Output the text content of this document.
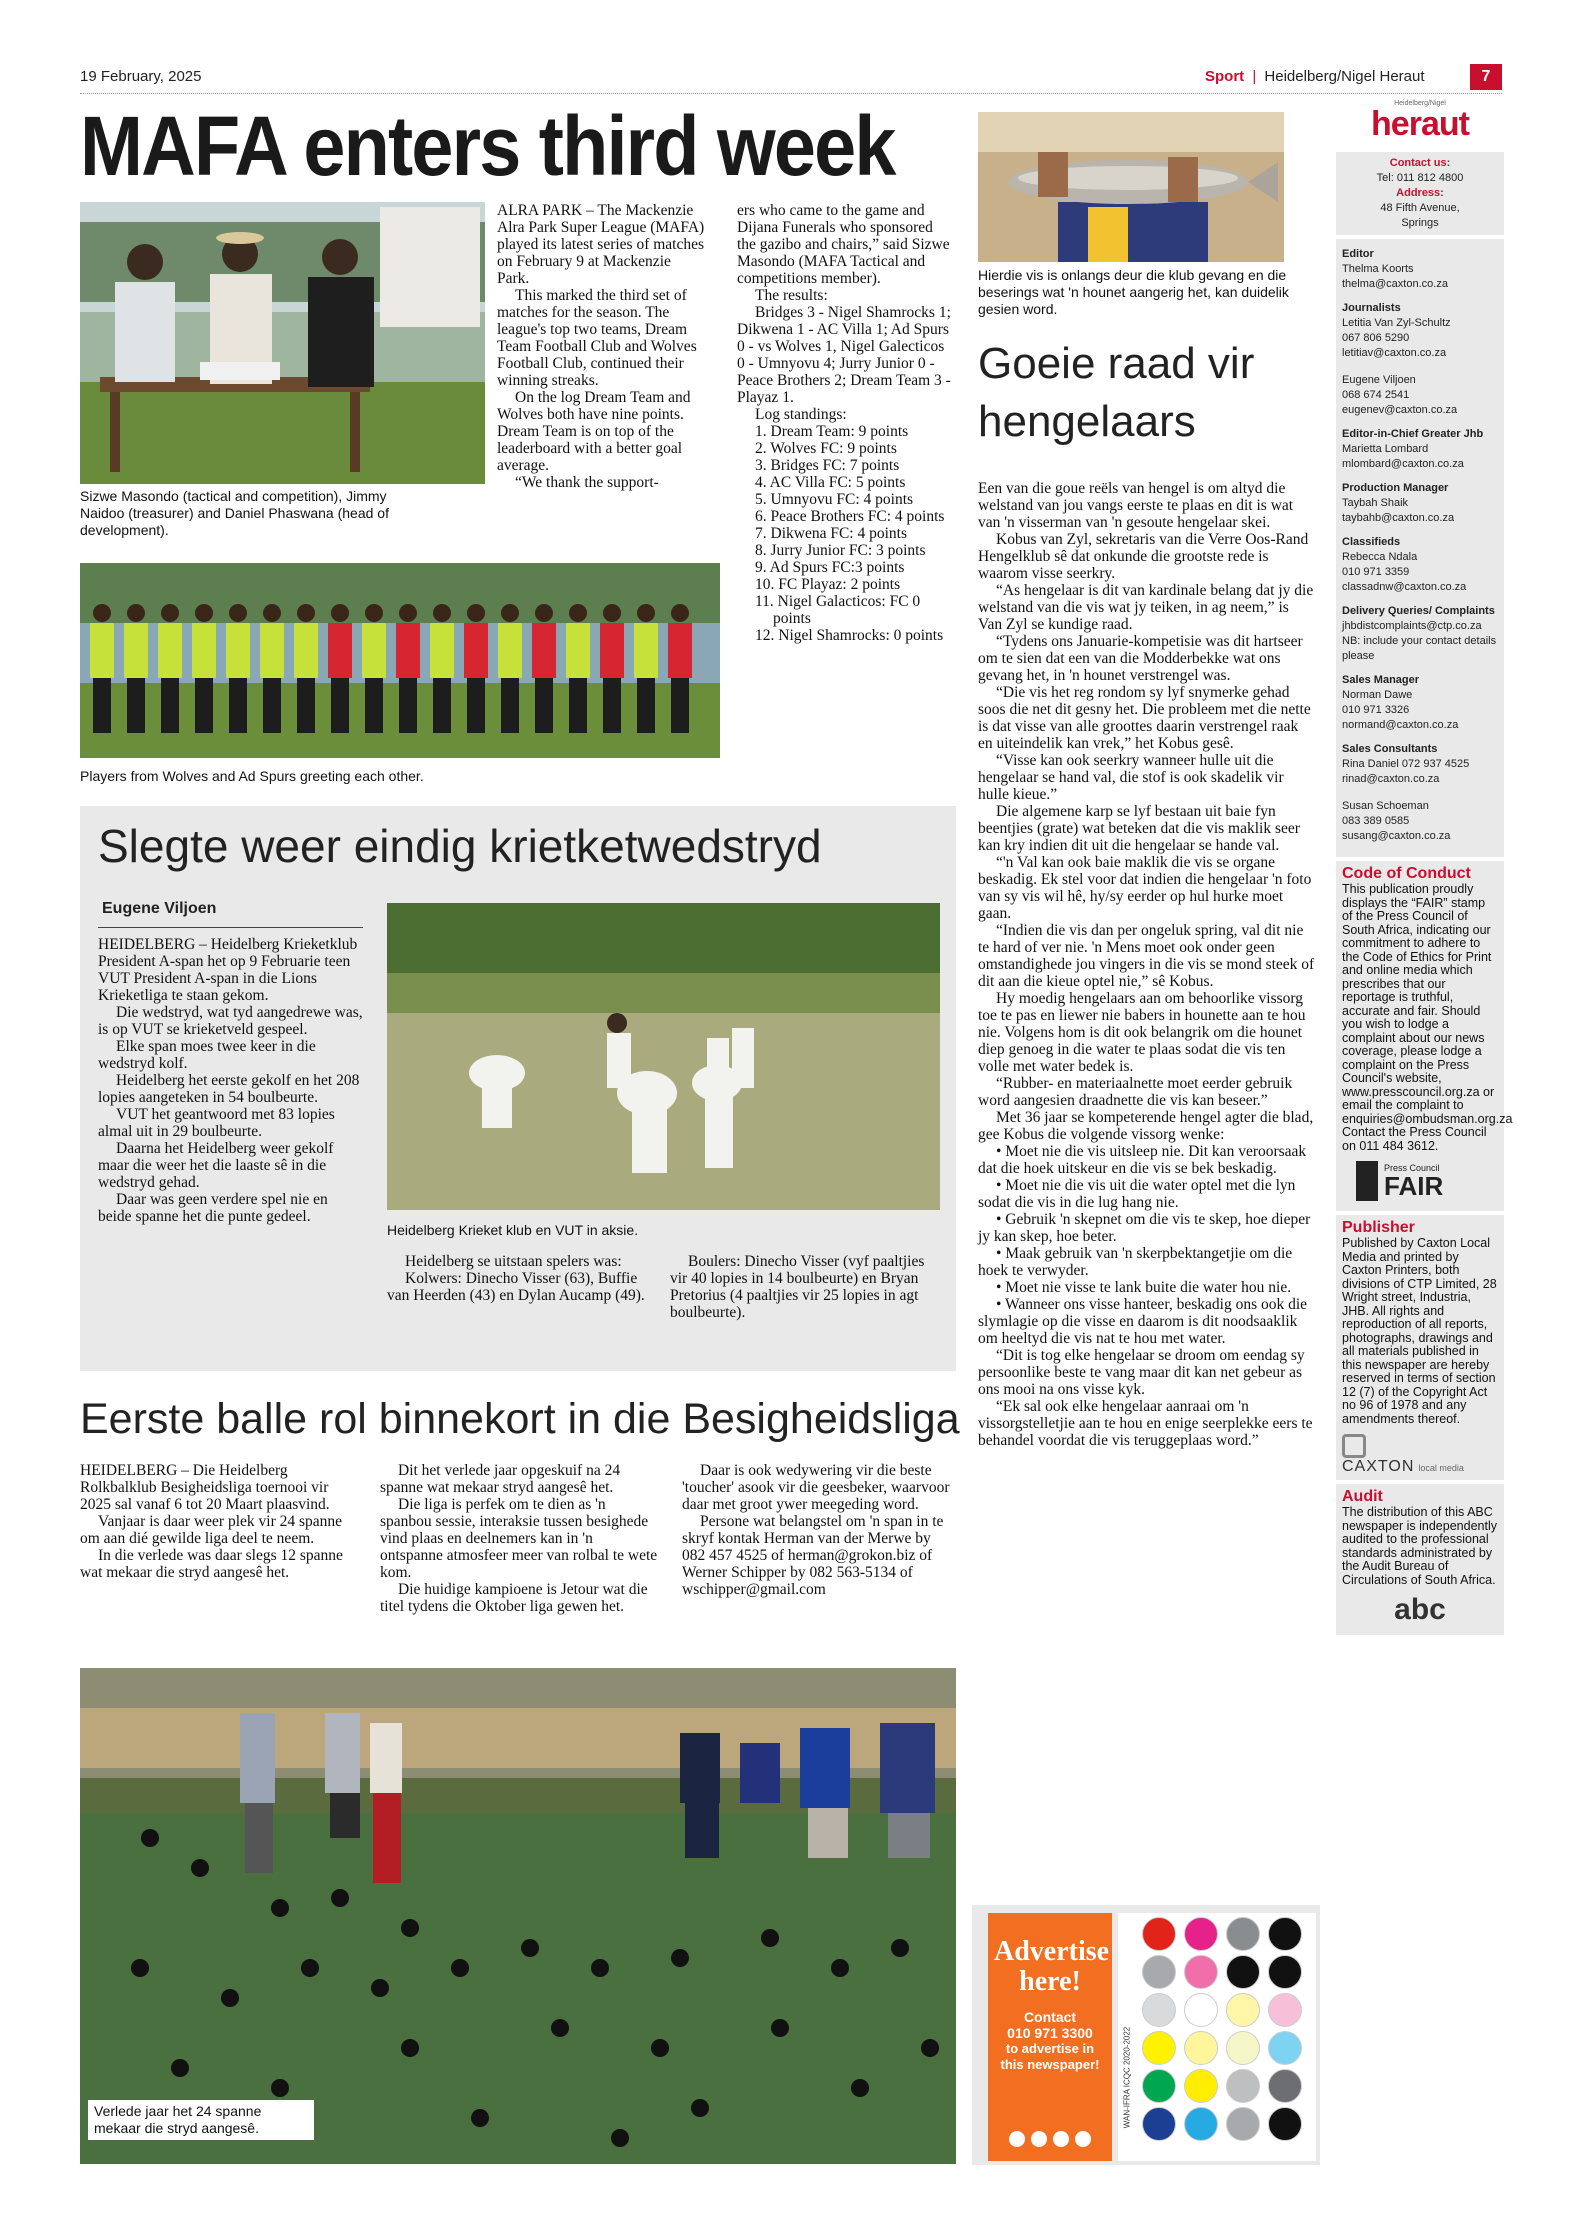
19 February, 2025	Sport | Heidelberg/Nigel Heraut	7
MAFA enters third week
Sizwe Masondo (tactical and competition), Jimmy Naidoo (treasurer) and Daniel Phaswana (head of development).

ALRA PARK – The Mackenzie Alra Park Super League (MAFA) played its latest series of matches on February 9 at Mackenzie Park.

This marked the third set of matches for the season. The league's top two teams, Dream Team Football Club and Wolves Football Club, continued their winning streaks.

On the log Dream Team and Wolves both have nine points. Dream Team is on top of the leaderboard with a better goal average.

“We thank the support-

ers who came to the game and Dijana Funerals who sponsored the gazibo and chairs,” said Sizwe Masondo (MAFA Tactical and competitions member).

The results:

Bridges 3 - Nigel Shamrocks 1; Dikwena 1 - AC Villa 1; Ad Spurs 0 - vs Wolves 1, Nigel Galecticos 0 - Umnyovu 4; Jurry Junior 0 - Peace Brothers 2; Dream Team 3 - Playaz 1.

Log standings:

1. Dream Team: 9 points
2. Wolves FC: 9 points
3. Bridges FC: 7 points
4. AC Villa FC: 5 points
5. Umnyovu FC: 4 points
6. Peace Brothers FC: 4 points
7. Dikwena FC: 4 points
8. Jurry Junior FC: 3 points
9. Ad Spurs FC:3 points
10. FC Playaz: 2 points
11. Nigel Galacticos: FC 0 points
12. Nigel Shamrocks: 0 points
Players from Wolves and Ad Spurs greeting each other.
Hierdie vis is onlangs deur die klub gevang en die beserings wat 'n hounet aangerig het, kan duidelik gesien word.
Goeie raad vir hengelaars

Een van die goue reëls van hengel is om altyd die welstand van jou vangs eerste te plaas en dit is wat van 'n visserman van 'n gesoute hengelaar skei.

Kobus van Zyl, sekretaris van die Verre Oos-Rand Hengelklub sê dat onkunde die grootste rede is waarom visse seerkry.

“As hengelaar is dit van kardinale belang dat jy die welstand van die vis wat jy teiken, in ag neem,” is Van Zyl se kundige raad.

“Tydens ons Januarie-kompetisie was dit hartseer om te sien dat een van die Modderbekke wat ons gevang het, in 'n hounet verstrengel was.

“Die vis het reg rondom sy lyf snymerke gehad soos die net dit gesny het. Die probleem met die nette is dat visse van alle groottes daarin verstrengel raak en uiteindelik kan vrek,” het Kobus gesê.

“Visse kan ook seerkry wanneer hulle uit die hengelaar se hand val, die stof is ook skadelik vir hulle kieue.”

Die algemene karp se lyf bestaan uit baie fyn beentjies (grate) wat beteken dat die vis maklik seer kan kry indien dit uit die hengelaar se hande val.

“'n Val kan ook baie maklik die vis se organe beskadig. Ek stel voor dat indien die hengelaar 'n foto van sy vis wil hê, hy/sy eerder op hul hurke moet gaan.

“Indien die vis dan per ongeluk spring, val dit nie te hard of ver nie. 'n Mens moet ook onder geen omstandighede jou vingers in die vis se mond steek of dit aan die kieue optel nie,” sê Kobus.

Hy moedig hengelaars aan om behoorlike vissorg toe te pas en liewer nie babers in hounette aan te hou nie. Volgens hom is dit ook belangrik om die hounet diep genoeg in die water te plaas sodat die vis ten volle met water bedek is.

“Rubber- en materiaalnette moet eerder gebruik word aangesien draadnette die vis kan beseer.”

Met 36 jaar se kompeterende hengel agter die blad, gee Kobus die volgende vissorg wenke:

• Moet nie die vis uitsleep nie. Dit kan veroorsaak dat die hoek uitskeur en die vis se bek beskadig.

• Moet nie die vis uit die water optel met die lyn sodat die vis in die lug hang nie.

• Gebruik 'n skepnet om die vis te skep, hoe dieper jy kan skep, hoe beter.

• Maak gebruik van 'n skerpbektangetjie om die hoek te verwyder.

• Moet nie visse te lank buite die water hou nie.

• Wanneer ons visse hanteer, beskadig ons ook die slymlagie op die visse en daarom is dit noodsaaklik om heeltyd die vis nat te hou met water.

“Dit is tog elke hengelaar se droom om eendag sy persoonlike beste te vang maar dit kan net gebeur as ons mooi na ons visse kyk.

“Ek sal ook elke hengelaar aanraai om 'n vissorgstelletjie aan te hou en enige seerplekke eers te behandel voordat die vis teruggeplaas word.”

Slegte weer eindig krietketwedstryd
Eugene Viljoen

HEIDELBERG – Heidelberg Krieketklub President A-span het op 9 Februarie teen VUT President A-span in die Lions Krieketliga te staan gekom.

Die wedstryd, wat tyd aangedrewe was, is op VUT se krieketveld gespeel.

Elke span moes twee keer in die wedstryd kolf.

Heidelberg het eerste gekolf en het 208 lopies aangeteken in 54 boulbeurte.

VUT het geantwoord met 83 lopies almal uit in 29 boulbeurte.

Daarna het Heidelberg weer gekolf maar die weer het die laaste sê in die wedstryd gehad.

Daar was geen verdere spel nie en beide spanne het die punte gedeel.

Heidelberg Krieket klub en VUT in aksie.

Heidelberg se uitstaan spelers was:

Kolwers: Dinecho Visser (63), Buffie van Heerden (43) en Dylan Aucamp (49).

Boulers: Dinecho Visser (vyf paaltjies vir 40 lopies in 14 boulbeurte) en Bryan Pretorius (4 paaltjies vir 25 lopies in agt boulbeurte).

Eerste balle rol binnekort in die Besigheidsliga

HEIDELBERG – Die Heidelberg Rolkbalklub Besigheidsliga toernooi vir 2025 sal vanaf 6 tot 20 Maart plaasvind.

Vanjaar is daar weer plek vir 24 spanne om aan dié gewilde liga deel te neem.

In die verlede was daar slegs 12 spanne wat mekaar die stryd aangesê het.

Dit het verlede jaar opgeskuif na 24 spanne wat mekaar stryd aangesê het.

Die liga is perfek om te dien as 'n spanbou sessie, interaksie tussen besighede vind plaas en deelnemers kan in 'n ontspanne atmosfeer meer van rolbal te wete kom.

Die huidige kampioene is Jetour wat die titel tydens die Oktober liga gewen het.

Daar is ook wedywering vir die beste 'toucher' asook vir die geesbeker, waarvoor daar met groot ywer meegeding word.

Persone wat belangstel om 'n span in te skryf kontak Herman van der Merwe by 082 457 4525 of herman@grokon.biz of Werner Schipper by 082 563-5134 of wschipper@gmail.com

Verlede jaar het 24 spanne mekaar die stryd aangesê.
Advertise here!
Contact
010 971 3300
to advertise in this newspaper!	WAN-IFRA ICQC 2020-2022
Heidelberg/Nigel
heraut
Contact us:
Tel: 011 812 4800
Address:
48 Fifth Avenue,
Springs
Editor
Thelma Koorts
thelma@caxton.co.za
Journalists
Letitia Van Zyl-Schultz
067 806 5290
letitiav@caxton.co.za
Eugene Viljoen
068 674 2541
eugenev@caxton.co.za
Editor-in-Chief Greater Jhb
Marietta Lombard
mlombard@caxton.co.za
Production Manager
Taybah Shaik
taybahb@caxton.co.za
Classifieds
Rebecca Ndala
010 971 3359
classadnw@caxton.co.za
Delivery Queries/ Complaints
jhbdistcomplaints@ctp.co.za
NB: include your contact details please
Sales Manager
Norman Dawe
010 971 3326
normand@caxton.co.za
Sales Consultants
Rina Daniel 072 937 4525
rinad@caxton.co.za
Susan Schoeman
083 389 0585
susang@caxton.co.za
Code of Conduct
This publication proudly displays the “FAIR” stamp of the Press Council of South Africa, indicating our commitment to adhere to the Code of Ethics for Print and online media which prescribes that our reportage is truthful, accurate and fair. Should you wish to lodge a complaint about our news coverage, please lodge a complaint on the Press Council's website, www.presscouncil.org.za or email the complaint to enquiries@ombudsman.org.za Contact the Press Council on 011 484 3612.
Press Council
FAIR
Publisher
Published by Caxton Local Media and printed by Caxton Printers, both divisions of CTP Limited, 28 Wright street, Industria, JHB. All rights and reproduction of all reports, photographs, drawings and all materials published in this newspaper are hereby reserved in terms of section 12 (7) of the Copyright Act no 96 of 1978 and any amendments thereof.
CAXTON local media
Audit
The distribution of this ABC newspaper is independently audited to the professional standards administrated by the Audit Bureau of Circulations of South Africa.
abc
